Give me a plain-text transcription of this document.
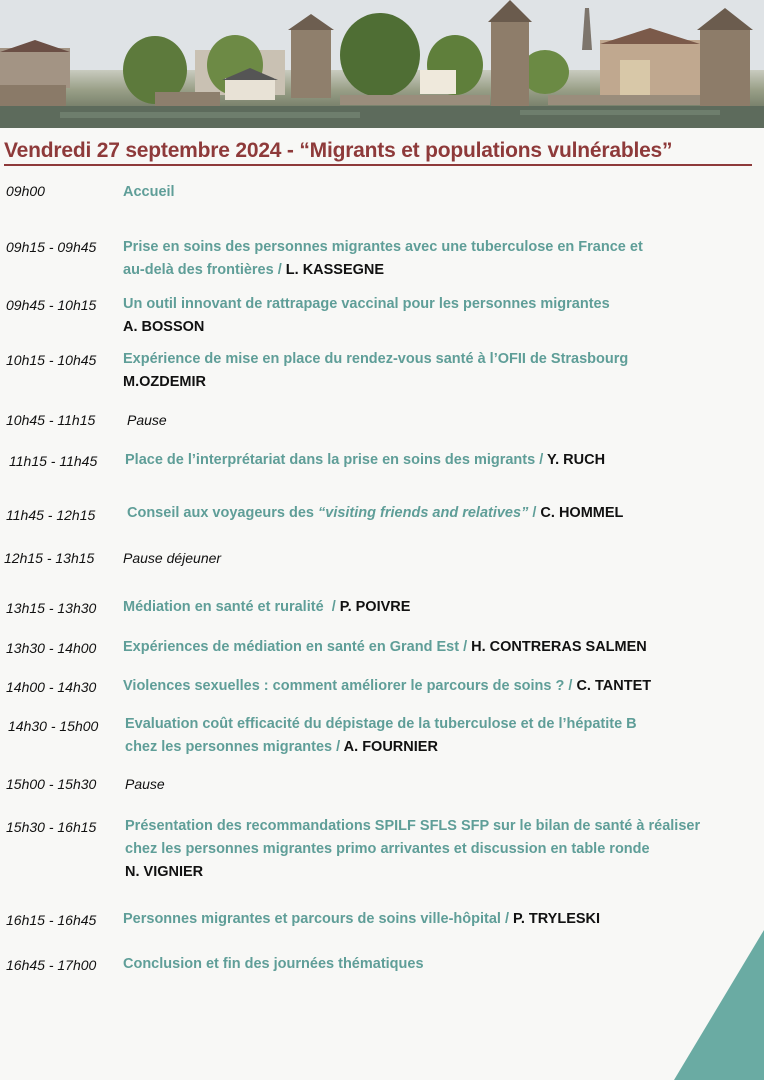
Vendredi 27 septembre 2024 - “Migrants et populations vulnérables”
09h00	Accueil
09h15 - 09h45 Prise en soins des personnes migrantes avec une tuberculose en France et
au-delà des frontières / L. KASSEGNE
09h45 - 10h15 Un outil innovant de rattrapage vaccinal pour les personnes migrantes
A. BOSSON
10h15 - 10h45 Expérience de mise en place du rendez-vous santé à l’OFII de Strasbourg
M.OZDEMIR
10h45 - 11h15 Pause
11h15 - 11h45 Place de l’interprétariat dans la prise en soins des migrants / Y. RUCH
11h45 - 12h15 Conseil aux voyageurs des “visiting friends and relatives” / C. HOMMEL
12h15 - 13h15 Pause déjeuner
13h15 - 13h30 Médiation en santé et ruralité / P. POIVRE
13h30 - 14h00 Expériences de médiation en santé en Grand Est / H. CONTRERAS SALMEN
14h00 - 14h30 Violences sexuelles : comment améliorer le parcours de soins ? / C. TANTET
14h30 - 15h00 Evaluation coût efficacité du dépistage de la tuberculose et de l’hépatite B
chez les personnes migrantes / A. FOURNIER
15h00 - 15h30 Pause
15h30 - 16h15 Présentation des recommandations SPILF SFLS SFP sur le bilan de santé à réaliser
chez les personnes migrantes primo arrivantes et discussion en table ronde
N. VIGNIER
16h15 - 16h45 Personnes migrantes et parcours de soins ville-hôpital / P. TRYLESKI
16h45 - 17h00 Conclusion et fin des journées thématiques
